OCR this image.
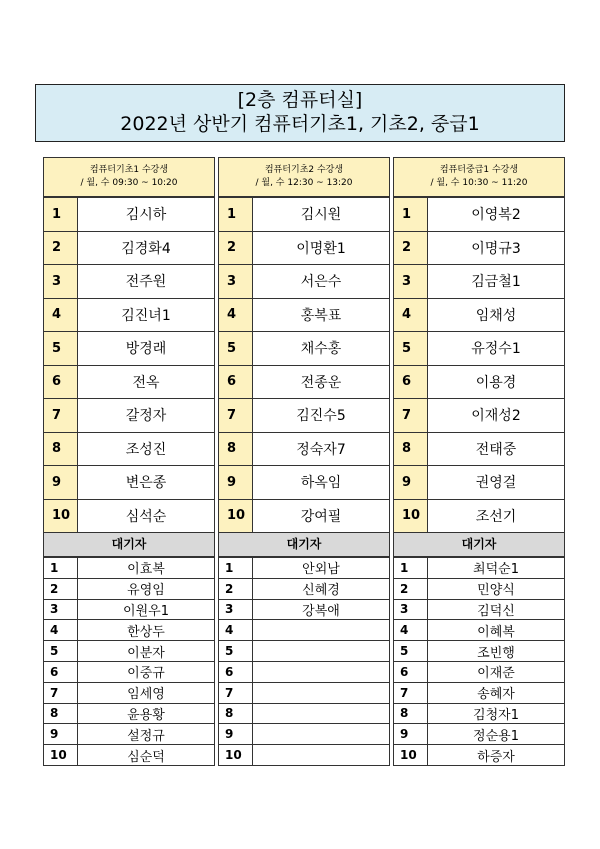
[2층 컴퓨터실]
2022년 상반기 컴퓨터기초1, 기초2, 중급1
컴퓨터기초1 수강생
/ 월, 수 09:30 ~ 10:20
1	김시하
2	김경화4
3	전주원
4	김진녀1
5	방경래
6	전옥
7	갈정자
8	조성진
9	변은종
10	심석순
대기자
1	이효복
2	유영임
3	이원우1
4	한상두
5	이분자
6	이중규
7	임세영
8	윤용황
9	설정규
10	심순덕
컴퓨터기초2 수강생
/ 월, 수 12:30 ~ 13:20
1	김시원
2	이명환1
3	서은수
4	홍복표
5	채수홍
6	전종운
7	김진수5
8	정숙자7
9	하옥임
10	강여필
대기자
1	안외남
2	신혜경
3	강복애
4	
5	
6	
7	
8	
9	
10	
컴퓨터중급1 수강생
/ 월, 수 10:30 ~ 11:20
1	이영복2
2	이명규3
3	김금철1
4	임채성
5	유정수1
6	이용경
7	이재성2
8	전태중
9	권영걸
10	조선기
대기자
1	최덕순1
2	민양식
3	김덕신
4	이혜복
5	조빈행
6	이재준
7	송혜자
8	김청자1
9	정순용1
10	하증자
